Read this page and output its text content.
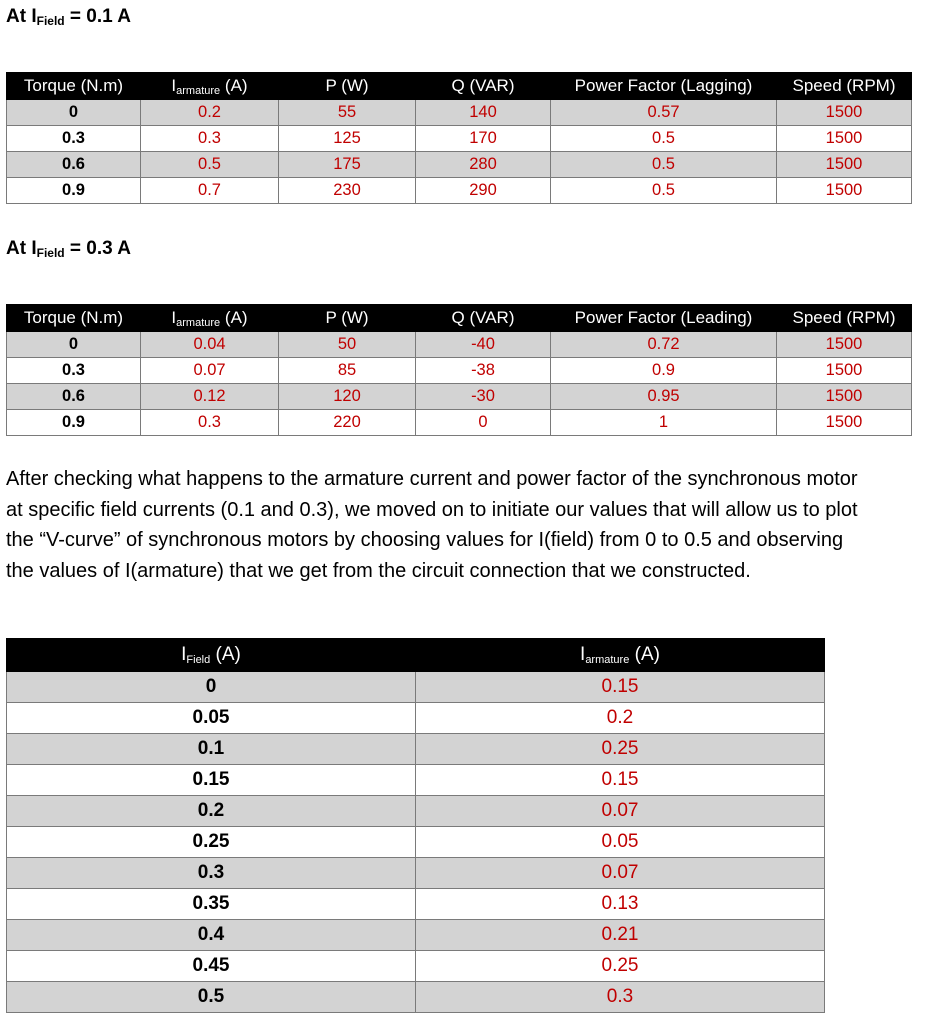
At $I_{Field} = 0.1$ A

Torque (N.m)	$I_{armature}$ (A)	P (W)	Q (VAR)	Power Factor (Lagging)	Speed (RPM)
0	0.2	55	140	0.57	1500
0.3	0.3	125	170	0.5	1500
0.6	0.5	175	280	0.5	1500
0.9	0.7	230	290	0.5	1500

At $I_{Field} = 0.3$ A

Torque (N.m)	$I_{armature}$ (A)	P (W)	Q (VAR)	Power Factor (Leading)	Speed (RPM)
0	0.04	50	-40	0.72	1500
0.3	0.07	85	-38	0.9	1500
0.6	0.12	120	-30	0.95	1500
0.9	0.3	220	0	1	1500

After checking what happens to the armature current and power factor of the synchronous motor at specific field currents (0.1 and 0.3), we moved on to initiate our values that will allow us to plot the “V-curve” of synchronous motors by choosing values for I(field) from 0 to 0.5 and observing the values of I(armature) that we get from the circuit connection that we constructed.

$I_{Field}$ (A)	$I_{armature}$ (A)
0	0.15
0.05	0.2
0.1	0.25
0.15	0.15
0.2	0.07
0.25	0.05
0.3	0.07
0.35	0.13
0.4	0.21
0.45	0.25
0.5	0.3
